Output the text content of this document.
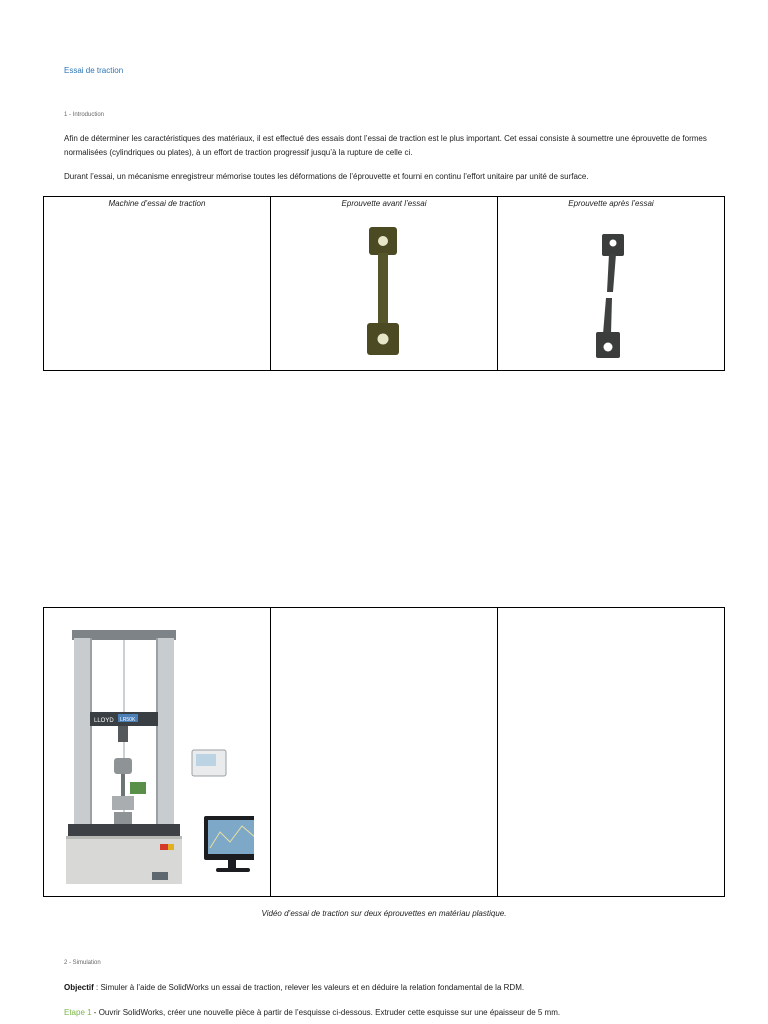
Essai de traction
1 - Introduction
Afin de déterminer les caractéristiques des matériaux, il est effectué des essais dont l’essai de traction est le plus important. Cet essai consiste à soumettre une éprouvette de formes normalisées (cylindriques ou plates), à un effort de traction progressif jusqu’à la rupture de celle ci.
Durant l’essai, un mécanisme enregistreur mémorise toutes les déformations de l’éprouvette et fourni en continu l’effort unitaire par unité de surface.
Machine d’essai de traction	Eprouvette avant l’essai	Eprouvette après l’essai
LLOYD LR50K
Vidéo d’essai de traction sur deux éprouvettes en matériau plastique.
2 - Simulation
Objectif : Simuler à l’aide de SolidWorks un essai de traction, relever les valeurs et en déduire la relation fondamental de la RDM.
Etape 1 - Ouvrir SolidWorks, créer une nouvelle pièce à partir de l’esquisse ci-dessous. Extruder cette esquisse sur une épaisseur de 5 mm.
